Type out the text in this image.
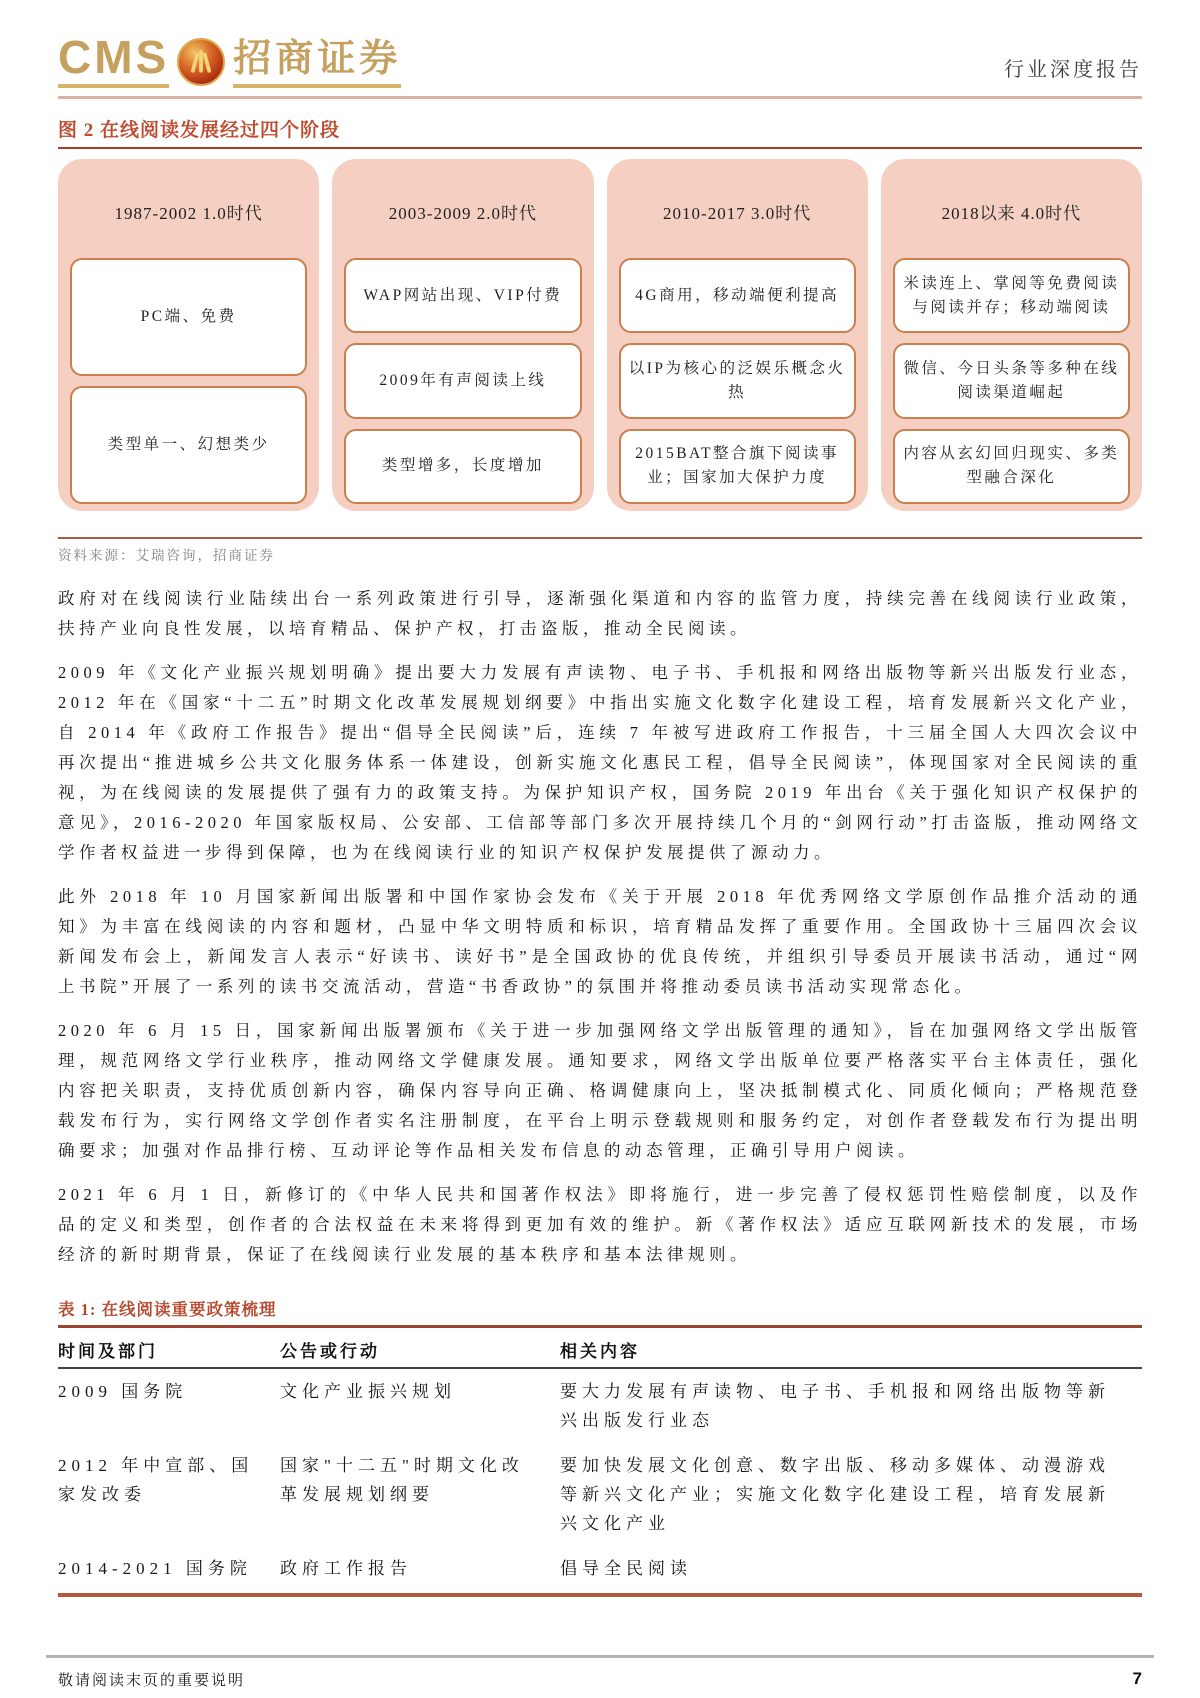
CMS 招商证券	行业深度报告
图 2 在线阅读发展经过四个阶段
1987-2002 1.0时代
PC端、免费
类型单一、幻想类少
2003-2009 2.0时代
WAP网站出现、VIP付费
2009年有声阅读上线
类型增多，长度增加
2010-2017 3.0时代
4G商用，移动端便利提高
以IP为核心的泛娱乐概念火热
2015BAT整合旗下阅读事业；国家加大保护力度
2018以来 4.0时代
米读连上、掌阅等免费阅读与阅读并存；移动端阅读
微信、今日头条等多种在线阅读渠道崛起
内容从玄幻回归现实、多类型融合深化
资料来源：艾瑞咨询，招商证券

政府对在线阅读行业陆续出台一系列政策进行引导，逐渐强化渠道和内容的监管力度，持续完善在线阅读行业政策，扶持产业向良性发展，以培育精品、保护产权，打击盗版，推动全民阅读。

2009 年《文化产业振兴规划明确》提出要大力发展有声读物、电子书、手机报和网络出版物等新兴出版发行业态，2012 年在《国家“十二五”时期文化改革发展规划纲要》中指出实施文化数字化建设工程，培育发展新兴文化产业，自 2014 年《政府工作报告》提出“倡导全民阅读”后，连续 7 年被写进政府工作报告，十三届全国人大四次会议中再次提出“推进城乡公共文化服务体系一体建设，创新实施文化惠民工程，倡导全民阅读”，体现国家对全民阅读的重视，为在线阅读的发展提供了强有力的政策支持。为保护知识产权，国务院 2019 年出台《关于强化知识产权保护的意见》，2016-2020 年国家版权局、公安部、工信部等部门多次开展持续几个月的“剑网行动”打击盗版，推动网络文学作者权益进一步得到保障，也为在线阅读行业的知识产权保护发展提供了源动力。

此外 2018 年 10 月国家新闻出版署和中国作家协会发布《关于开展 2018 年优秀网络文学原创作品推介活动的通知》为丰富在线阅读的内容和题材，凸显中华文明特质和标识，培育精品发挥了重要作用。全国政协十三届四次会议新闻发布会上，新闻发言人表示“好读书、读好书”是全国政协的优良传统，并组织引导委员开展读书活动，通过“网上书院”开展了一系列的读书交流活动，营造“书香政协”的氛围并将推动委员读书活动实现常态化。

2020 年 6 月 15 日，国家新闻出版署颁布《关于进一步加强网络文学出版管理的通知》，旨在加强网络文学出版管理，规范网络文学行业秩序，推动网络文学健康发展。通知要求，网络文学出版单位要严格落实平台主体责任，强化内容把关职责，支持优质创新内容，确保内容导向正确、格调健康向上，坚决抵制模式化、同质化倾向；严格规范登载发布行为，实行网络文学创作者实名注册制度，在平台上明示登载规则和服务约定，对创作者登载发布行为提出明确要求；加强对作品排行榜、互动评论等作品相关发布信息的动态管理，正确引导用户阅读。

2021 年 6 月 1 日，新修订的《中华人民共和国著作权法》即将施行，进一步完善了侵权惩罚性赔偿制度，以及作品的定义和类型，创作者的合法权益在未来将得到更加有效的维护。新《著作权法》适应互联网新技术的发展，市场经济的新时期背景，保证了在线阅读行业发展的基本秩序和基本法律规则。

表 1: 在线阅读重要政策梳理
时间及部门	公告或行动	相关内容
2009 国务院	文化产业振兴规划	要大力发展有声读物、电子书、手机报和网络出版物等新兴出版发行业态
2012 年中宣部、国家发改委	国家"十二五"时期文化改革发展规划纲要	要加快发展文化创意、数字出版、移动多媒体、动漫游戏等新兴文化产业；实施文化数字化建设工程，培育发展新兴文化产业
2014-2021 国务院	政府工作报告	倡导全民阅读
敬请阅读末页的重要说明	7
